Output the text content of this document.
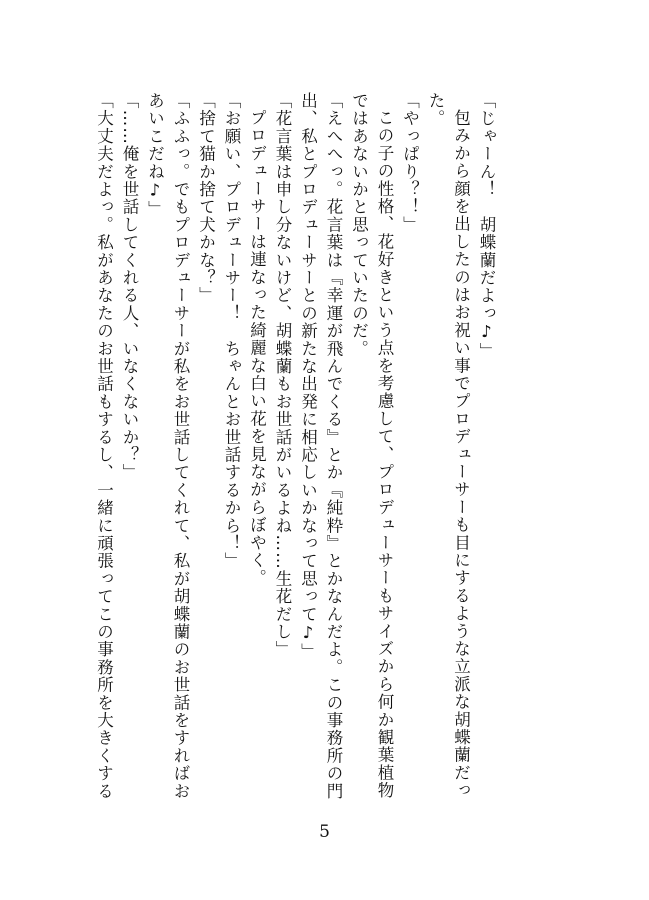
「じゃーん！　胡蝶蘭だよっ♪」
包みから顔を出したのはお祝い事でプロデューサーも目にするような立派な胡蝶蘭だっ
た。
「やっぱり？！」
この子の性格、花好きという点を考慮して、プロデューサーもサイズから何か観葉植物
ではあないかと思っていたのだ。
「えへへっ。花言葉は『幸運が飛んでくる』とか『純粋』とかなんだよ。この事務所の門
出、私とプロデューサーとの新たな出発に相応しいかなって思って♪」
「花言葉は申し分ないけど、胡蝶蘭もお世話がいるよね……生花だし」
プロデューサーは連なった綺麗な白い花を見ながらぼやく。
「お願い、プロデューサー！　ちゃんとお世話するから！」
「捨て猫か捨て犬かな？」
「ふふっ。でもプロデューサーが私をお世話してくれて、私が胡蝶蘭のお世話をすればお
あいこだね♪」
「……俺を世話してくれる人、いなくないか？」
「大丈夫だよっ。私があなたのお世話もするし、一緒に頑張ってこの事務所を大きくする
5
